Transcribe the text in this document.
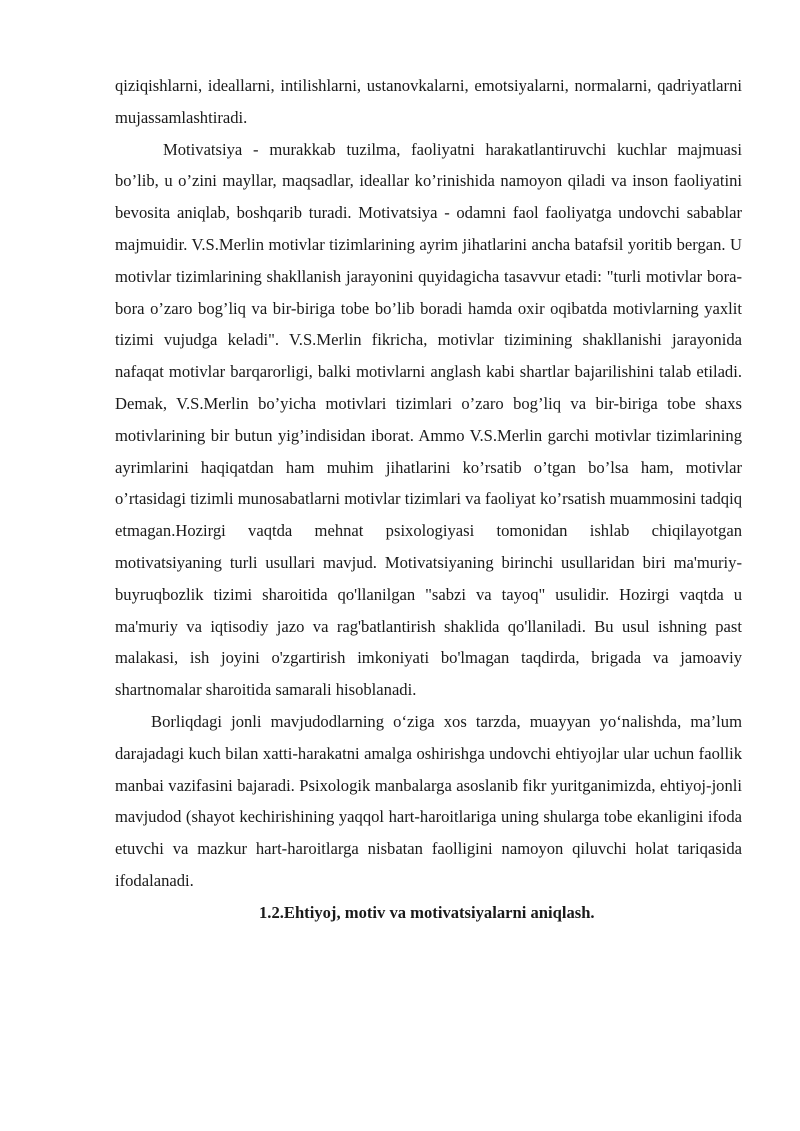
qiziqishlarni, ideallarni, intilishlarni, ustanovkalarni, emotsiyalarni, normalarni, qadriyatlarni mujassamlashtiradi.

Motivatsiya - murakkab tuzilma, faoliyatni harakatlantiruvchi kuchlar majmuasi bo’lib, u o’zini mayllar, maqsadlar, ideallar ko’rinishida namoyon qiladi va inson faoliyatini bevosita aniqlab, boshqarib turadi. Motivatsiya - odamni faol faoliyatga undovchi sabablar majmuidir. V.S.Merlin motivlar tizimlarining ayrim jihatlarini ancha batafsil yoritib bergan. U motivlar tizimlarining shakllanish jarayonini quyidagicha tasavvur etadi: "turli motivlar bora-bora o’zaro bog’liq va bir-biriga tobe bo’lib boradi hamda oxir oqibatda motivlarning yaxlit tizimi vujudga keladi". V.S.Merlin fikricha, motivlar tizimining shakllanishi jarayonida nafaqat motivlar barqarorligi, balki motivlarni anglash kabi shartlar bajarilishini talab etiladi. Demak, V.S.Merlin bo’yicha motivlari tizimlari o’zaro bog’liq va bir-biriga tobe shaxs motivlarining bir butun yig’indisidan iborat. Ammo V.S.Merlin garchi motivlar tizimlarining ayrimlarini haqiqatdan ham muhim jihatlarini ko’rsatib o’tgan bo’lsa ham, motivlar o’rtasidagi tizimli munosabatlarni motivlar tizimlari va faoliyat ko’rsatish muammosini tadqiq etmagan.Hozirgi vaqtda mehnat psixologiyasi tomonidan ishlab chiqilayotgan motivatsiyaning turli usullari mavjud. Motivatsiyaning birinchi usullaridan biri ma'muriy-buyruqbozlik tizimi sharoitida qo'llanilgan "sabzi va tayoq" usulidir. Hozirgi vaqtda u ma'muriy va iqtisodiy jazo va rag'batlantirish shaklida qo'llaniladi. Bu usul ishning past malakasi, ish joyini o'zgartirish imkoniyati bo'lmagan taqdirda, brigada va jamoaviy shartnomalar sharoitida samarali hisoblanadi.

Borliqdagi jonli mavjudodlarning o‘ziga xos tarzda, muayyan yo‘nalishda, ma’lum darajadagi kuch bilan xatti-harakatni amalga oshirishga undovchi ehtiyojlar ular uchun faollik manbai vazifasini bajaradi. Psixologik manbalarga asoslanib fikr yuritganimizda, ehtiyoj-jonli mavjudod (shayot kechirishining yaqqol hart-haroitlariga uning shularga tobe ekanligini ifoda etuvchi va mazkur hart-haroitlarga nisbatan faolligini namoyon qiluvchi holat tariqasida ifodalanadi.

1.2.Ehtiyoj, motiv va motivatsiyalarni aniqlash.
